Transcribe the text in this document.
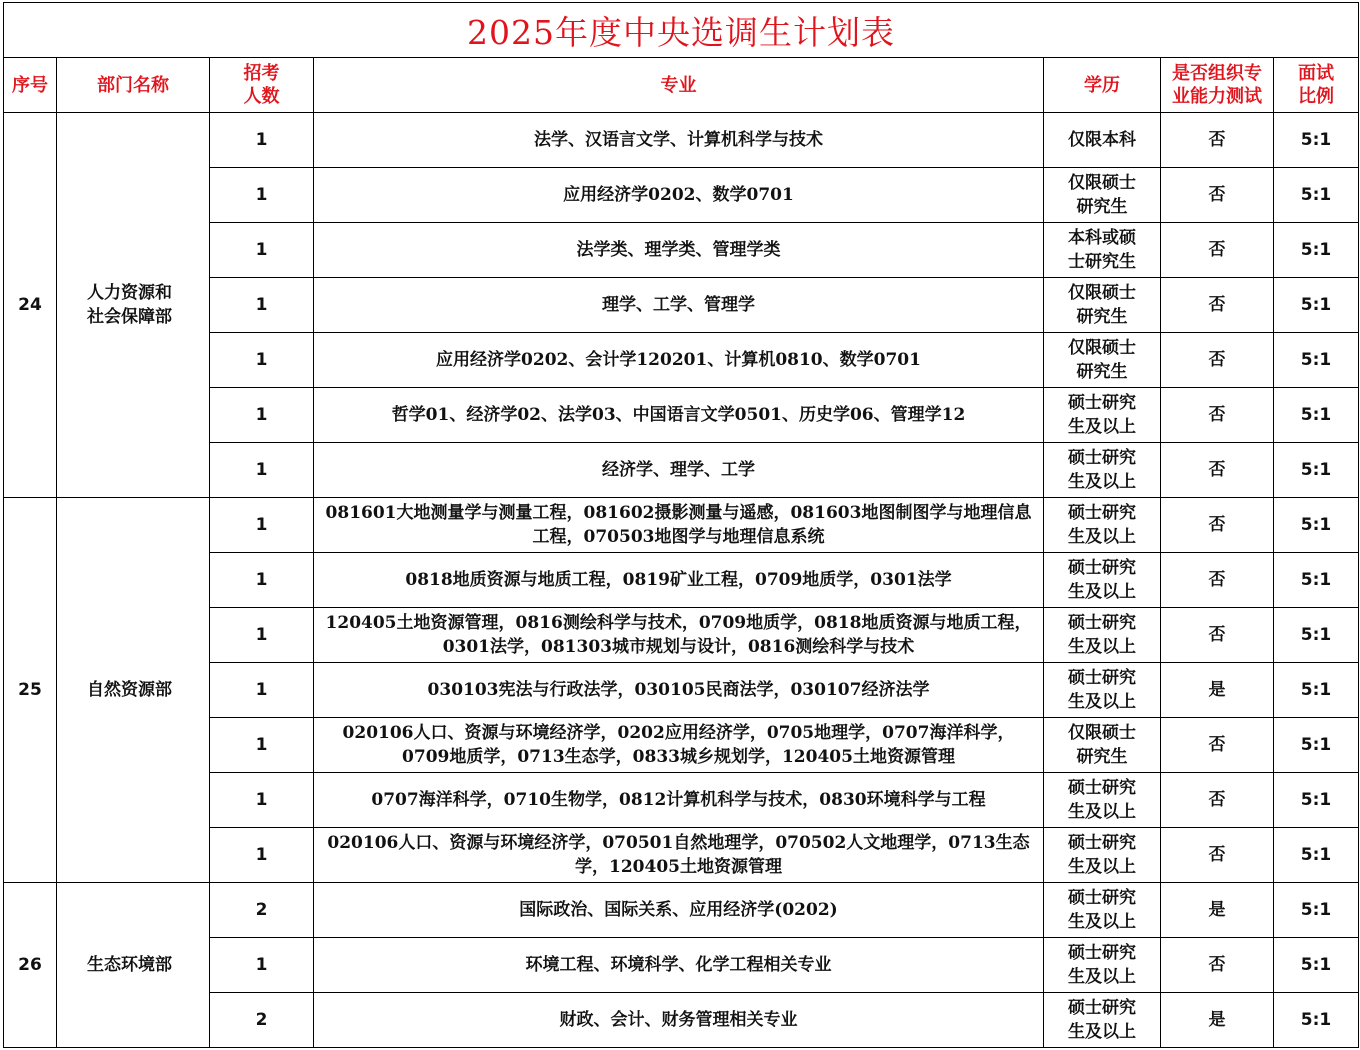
2025年度中央选调生计划表						
序号	部门名称	招考
人数	专业	学历	是否组织专
业能力测试	面试
比例
24	人力资源和
社会保障部	1	法学、汉语言文学、计算机科学与技术	仅限本科	否	5:1
		1	应用经济学0202、数学0701	仅限硕士
研究生	否	5:1
		1	法学类、理学类、管理学类	本科或硕
士研究生	否	5:1
		1	理学、工学、管理学	仅限硕士
研究生	否	5:1
		1	应用经济学0202、会计学120201、计算机0810、数学0701	仅限硕士
研究生	否	5:1
		1	哲学01、经济学02、法学03、中国语言文学0501、历史学06、管理学12	硕士研究
生及以上	否	5:1
		1	经济学、理学、工学	硕士研究
生及以上	否	5:1
25	自然资源部	1	081601大地测量学与测量工程，081602摄影测量与遥感，081603地图制图学与地理信息工程，070503地图学与地理信息系统	硕士研究
生及以上	否	5:1
		1	0818地质资源与地质工程，0819矿业工程，0709地质学，0301法学	硕士研究
生及以上	否	5:1
		1	120405土地资源管理，0816测绘科学与技术，0709地质学，0818地质资源与地质工程，0301法学，081303城市规划与设计，0816测绘科学与技术	硕士研究
生及以上	否	5:1
		1	030103宪法与行政法学，030105民商法学，030107经济法学	硕士研究
生及以上	是	5:1
		1	020106人口、资源与环境经济学，0202应用经济学，0705地理学，0707海洋科学，0709地质学，0713生态学，0833城乡规划学，120405土地资源管理	仅限硕士
研究生	否	5:1
		1	0707海洋科学，0710生物学，0812计算机科学与技术，0830环境科学与工程	硕士研究
生及以上	否	5:1
		1	020106人口、资源与环境经济学，070501自然地理学，070502人文地理学，0713生态学，120405土地资源管理	硕士研究
生及以上	否	5:1
26	生态环境部	2	国际政治、国际关系、应用经济学(0202)	硕士研究
生及以上	是	5:1
		1	环境工程、环境科学、化学工程相关专业	硕士研究
生及以上	否	5:1
		2	财政、会计、财务管理相关专业	硕士研究
生及以上	是	5:1
